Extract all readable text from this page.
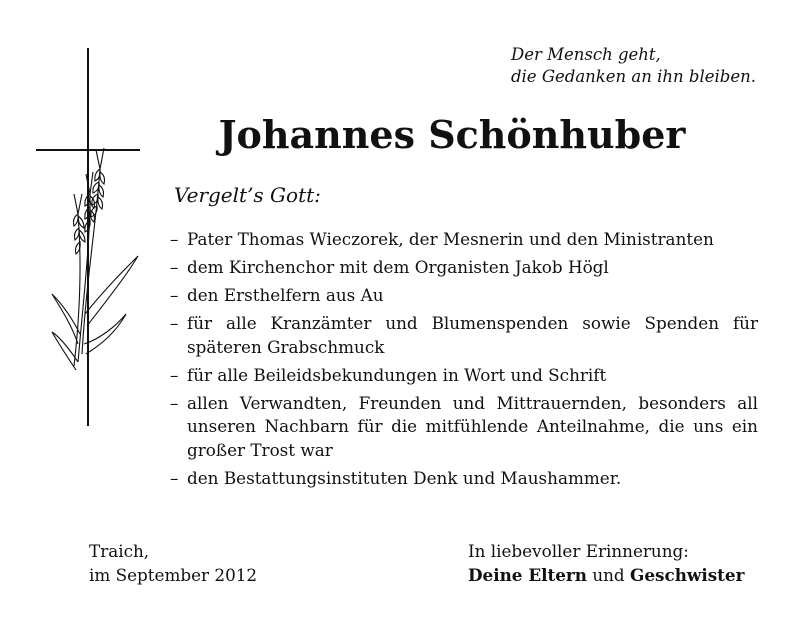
Der Mensch geht,
die Gedanken an ihn bleiben.
Johannes Schönhuber
Vergelt’s Gott:
– Pater Thomas Wieczorek, der Mesnerin und den Ministranten
– dem Kirchenchor mit dem Organisten Jakob Högl
– den Ersthelfern aus Au
– für alle Kranzämter und Blumenspenden sowie Spenden für späteren Grabschmuck
– für alle Beileidsbekundungen in Wort und Schrift
– allen Verwandten, Freunden und Mittrauernden, besonders all unseren Nachbarn für die mitfühlende Anteilnahme, die uns ein großer Trost war
– den Bestattungsinstituten Denk und Maushammer.
Traich,
im September 2012
In liebevoller Erinnerung:
Deine Eltern und Geschwister
